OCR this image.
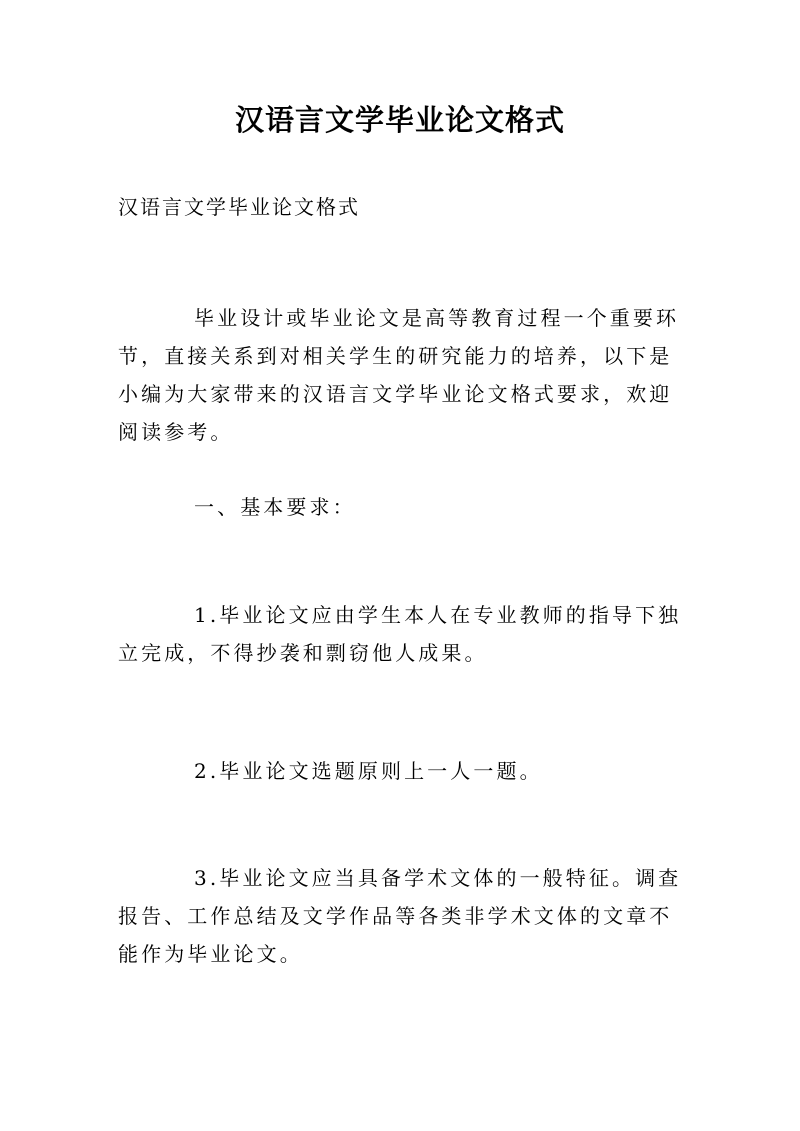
汉语言文学毕业论文格式
汉语言文学毕业论文格式
毕业设计或毕业论文是高等教育过程一个重要环节，直接关系到对相关学生的研究能力的培养，以下是小编为大家带来的汉语言文学毕业论文格式要求，欢迎阅读参考。
一、基本要求：
1.毕业论文应由学生本人在专业教师的指导下独立完成，不得抄袭和剽窃他人成果。
2.毕业论文选题原则上一人一题。
3.毕业论文应当具备学术文体的一般特征。调查报告、工作总结及文学作品等各类非学术文体的文章不能作为毕业论文。
